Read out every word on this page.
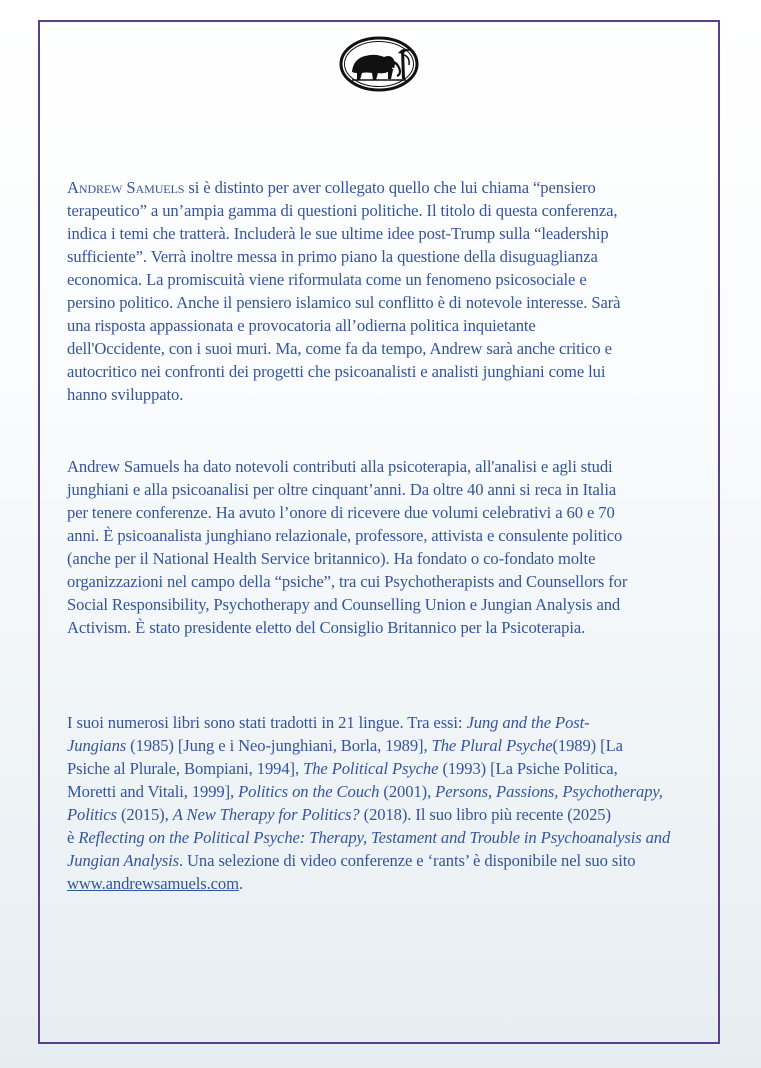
Andrew Samuels si è distinto per aver collegato quello che lui chiama “pensiero
terapeutico” a un’ampia gamma di questioni politiche. Il titolo di questa conferenza,
indica i temi che tratterà. Includerà le sue ultime idee post-Trump sulla “leadership
sufficiente”. Verrà inoltre messa in primo piano la questione della disuguaglianza
economica. La promiscuità viene riformulata come un fenomeno psicosociale e
persino politico. Anche il pensiero islamico sul conflitto è di notevole interesse. Sarà
una risposta appassionata e provocatoria all’odierna politica inquietante
dell'Occidente, con i suoi muri. Ma, come fa da tempo, Andrew sarà anche critico e
autocritico nei confronti dei progetti che psicoanalisti e analisti junghiani come lui
hanno sviluppato.

Andrew Samuels ha dato notevoli contributi alla psicoterapia, all'analisi e agli studi
junghiani e alla psicoanalisi per oltre cinquant’anni. Da oltre 40 anni si reca in Italia
per tenere conferenze. Ha avuto l’onore di ricevere due volumi celebrativi a 60 e 70
anni. È psicoanalista junghiano relazionale, professore, attivista e consulente politico
(anche per il National Health Service britannico). Ha fondato o co-fondato molte
organizzazioni nel campo della “psiche”, tra cui Psychotherapists and Counsellors for
Social Responsibility, Psychotherapy and Counselling Union e Jungian Analysis and
Activism. È stato presidente eletto del Consiglio Britannico per la Psicoterapia.

I suoi numerosi libri sono stati tradotti in 21 lingue. Tra essi: Jung and the Post-
Jungians (1985) [Jung e i Neo-junghiani, Borla, 1989], The Plural Psyche(1989) [La
Psiche al Plurale, Bompiani, 1994], The Political Psyche (1993) [La Psiche Politica,
Moretti and Vitali, 1999], Politics on the Couch (2001), Persons, Passions, Psychotherapy,
Politics (2015), A New Therapy for Politics? (2018). Il suo libro più recente (2025)
è Reflecting on the Political Psyche: Therapy, Testament and Trouble in Psychoanalysis and
Jungian Analysis. Una selezione di video conferenze e ‘rants’ è disponibile nel suo sito
www.andrewsamuels.com.
